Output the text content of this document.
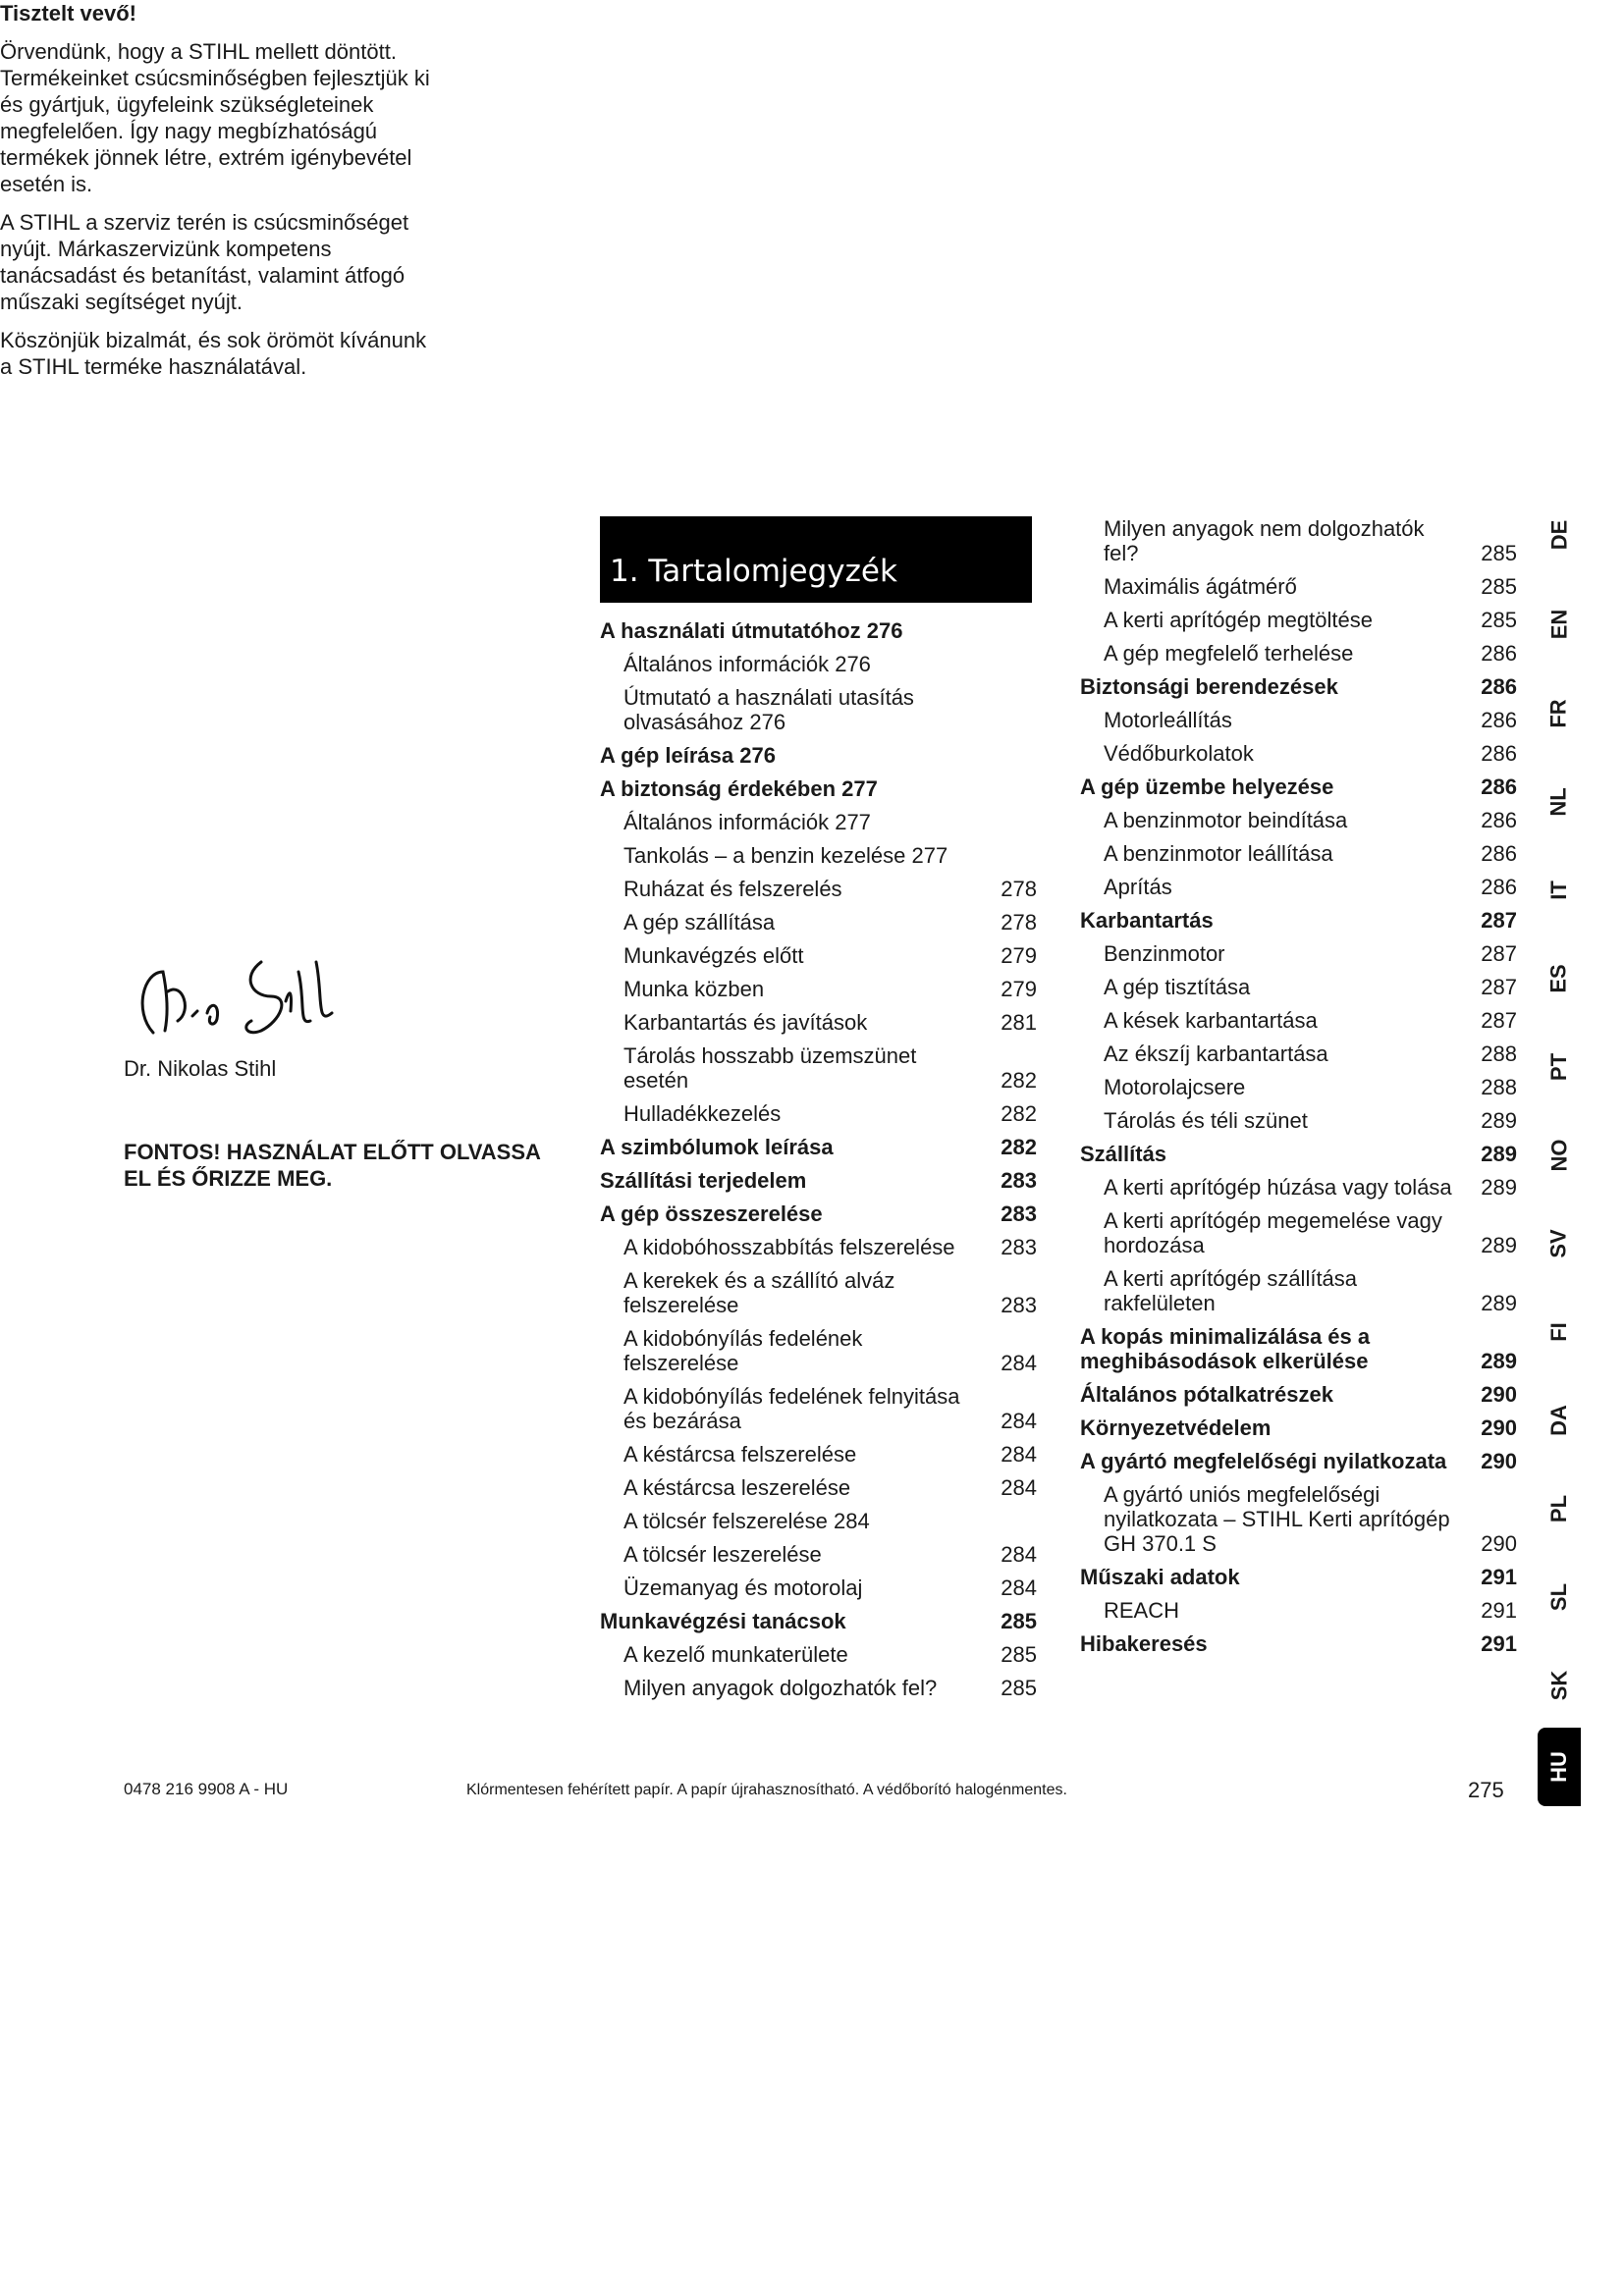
Tisztelt vevő!

Örvendünk, hogy a STIHL mellett döntött. Termékeinket csúcsminőségben fejlesztjük ki és gyártjuk, ügyfeleink szükségleteinek megfelelően. Így nagy megbízhatóságú termékek jönnek létre, extrém igénybevétel esetén is.

A STIHL a szerviz terén is csúcsminőséget nyújt. Márkaszervizünk kompetens tanácsadást és betanítást, valamint átfogó műszaki segítséget nyújt.

Köszönjük bizalmát, és sok örömöt kívánunk a STIHL terméke használatával.

Dr. Nikolas Stihl
FONTOS! HASZNÁLAT ELŐTT OLVASSA EL ÉS ŐRIZZE MEG.
1. Tartalomjegyzék
A használati útmutatóhoz 276
Általános információk 276
Útmutató a használati utasítás olvasásához 276
A gép leírása 276
A biztonság érdekében 277
Általános információk 277
Tankolás – a benzin kezelése 277
Ruházat és felszerelés	278
A gép szállítása	278
Munkavégzés előtt	279
Munka közben	279
Karbantartás és javítások	281
Tárolás hosszabb üzemszünet esetén	282
Hulladékkezelés	282
A szimbólumok leírása	282
Szállítási terjedelem	283
A gép összeszerelése	283
A kidobóhosszabbítás felszerelése	283
A kerekek és a szállító alváz felszerelése	283
A kidobónyílás fedelének felszerelése	284
A kidobónyílás fedelének felnyitása és bezárása	284
A késtárcsa felszerelése	284
A késtárcsa leszerelése	284
A tölcsér felszerelése 284
A tölcsér leszerelése	284
Üzemanyag és motorolaj	284
Munkavégzési tanácsok	285
A kezelő munkaterülete	285
Milyen anyagok dolgozhatók fel?	285
Milyen anyagok nem dolgozhatók fel?	285
Maximális ágátmérő	285
A kerti aprítógép megtöltése	285
A gép megfelelő terhelése	286
Biztonsági berendezések	286
Motorleállítás	286
Védőburkolatok	286
A gép üzembe helyezése	286
A benzinmotor beindítása	286
A benzinmotor leállítása	286
Aprítás	286
Karbantartás	287
Benzinmotor	287
A gép tisztítása	287
A kések karbantartása	287
Az ékszíj karbantartása	288
Motorolajcsere	288
Tárolás és téli szünet	289
Szállítás	289
A kerti aprítógép húzása vagy tolása	289
A kerti aprítógép megemelése vagy hordozása	289
A kerti aprítógép szállítása rakfelületen	289
A kopás minimalizálása és a meghibásodások elkerülése	289
Általános pótalkatrészek	290
Környezetvédelem	290
A gyártó megfelelőségi nyilatkozata	290
A gyártó uniós megfelelőségi nyilatkozata – STIHL Kerti aprítógép GH 370.1 S	290
Műszaki adatok	291
REACH	291
Hibakeresés	291
DE
EN
FR
NL
IT
ES
PT
NO
SV
FI
DA
PL
SL
SK
HU
0478 216 9908 A - HU	Klórmentesen fehérített papír. A papír újrahasznosítható. A védőborító halogénmentes.	275
